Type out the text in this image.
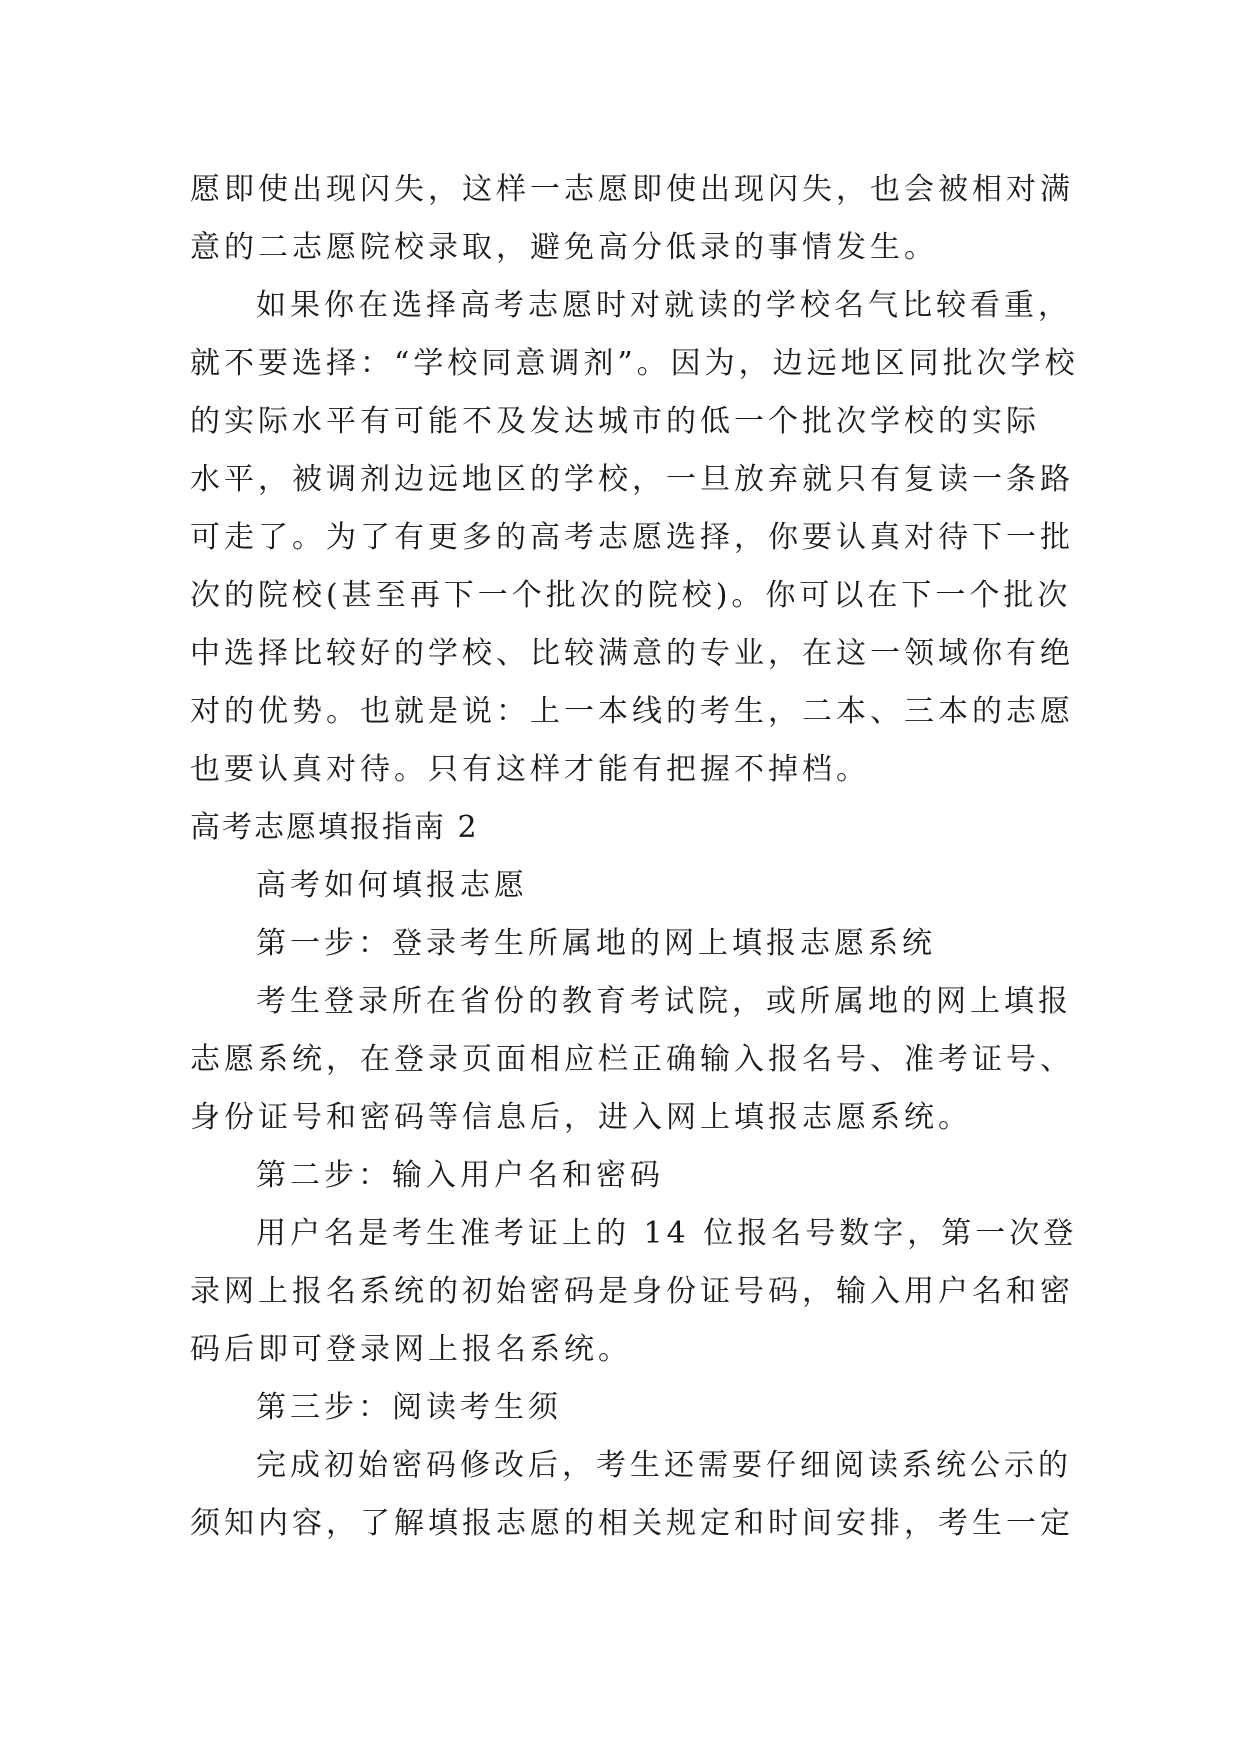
愿即使出现闪失，这样一志愿即使出现闪失，也会被相对满
意的二志愿院校录取，避免高分低录的事情发生。
如果你在选择高考志愿时对就读的学校名气比较看重，
就不要选择：“学校同意调剂”。因为，边远地区同批次学校
的实际水平有可能不及发达城市的低一个批次学校的实际
水平，被调剂边远地区的学校，一旦放弃就只有复读一条路
可走了。为了有更多的高考志愿选择，你要认真对待下一批
次的院校(甚至再下一个批次的院校)。你可以在下一个批次
中选择比较好的学校、比较满意的专业，在这一领域你有绝
对的优势。也就是说：上一本线的考生，二本、三本的志愿
也要认真对待。只有这样才能有把握不掉档。
高考志愿填报指南 2
高考如何填报志愿
第一步：登录考生所属地的网上填报志愿系统
考生登录所在省份的教育考试院，或所属地的网上填报
志愿系统，在登录页面相应栏正确输入报名号、准考证号、
身份证号和密码等信息后，进入网上填报志愿系统。
第二步：输入用户名和密码
用户名是考生准考证上的 14 位报名号数字，第一次登
录网上报名系统的初始密码是身份证号码，输入用户名和密
码后即可登录网上报名系统。
第三步：阅读考生须
完成初始密码修改后，考生还需要仔细阅读系统公示的
须知内容，了解填报志愿的相关规定和时间安排，考生一定
